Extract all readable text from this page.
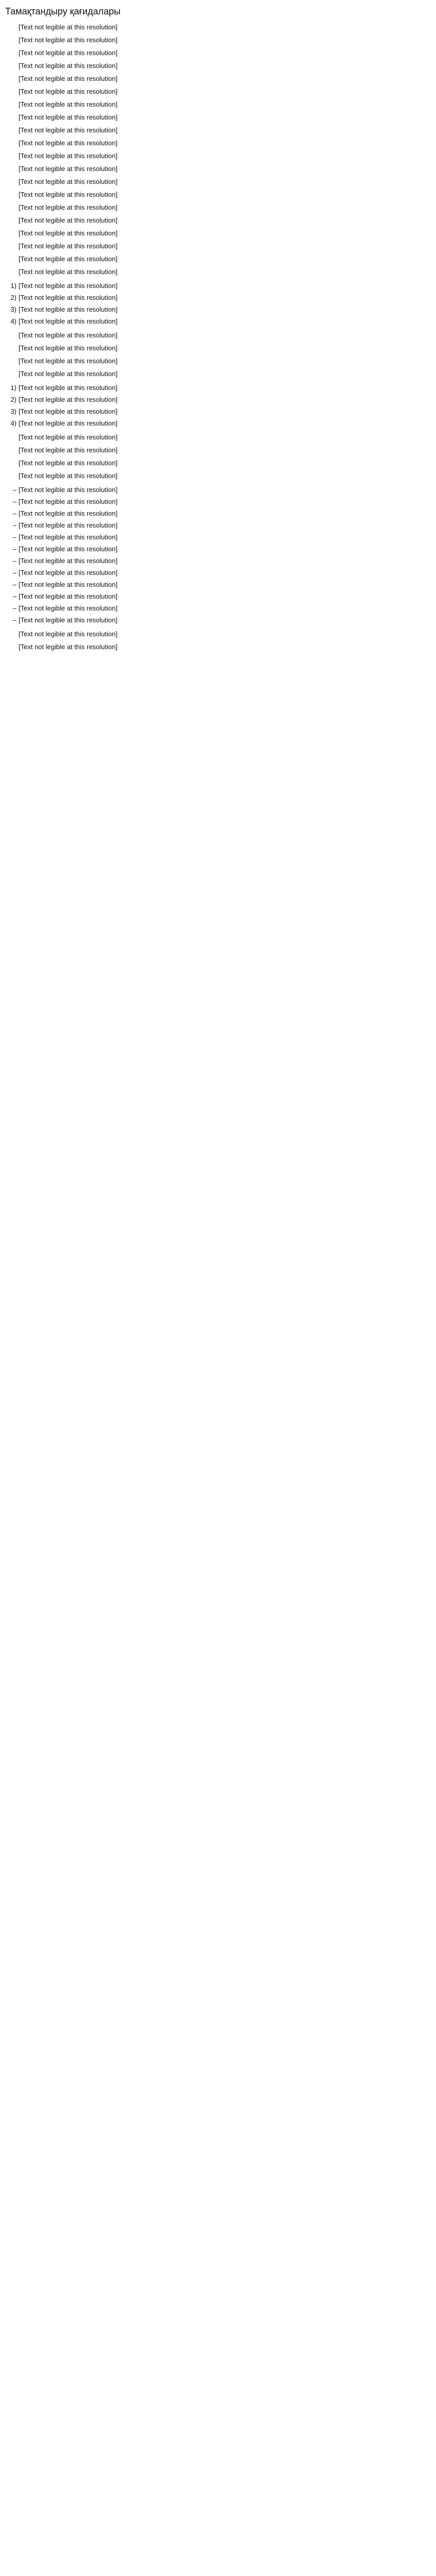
Тамақтандыру қағидалары

[Text not legible at this resolution]

[Text not legible at this resolution]

[Text not legible at this resolution]

[Text not legible at this resolution]

[Text not legible at this resolution]

[Text not legible at this resolution]

[Text not legible at this resolution]

[Text not legible at this resolution]

[Text not legible at this resolution]

[Text not legible at this resolution]

[Text not legible at this resolution]

[Text not legible at this resolution]

[Text not legible at this resolution]

[Text not legible at this resolution]

[Text not legible at this resolution]

[Text not legible at this resolution]

[Text not legible at this resolution]

[Text not legible at this resolution]

[Text not legible at this resolution]

[Text not legible at this resolution]

1) [Text not legible at this resolution]
2) [Text not legible at this resolution]
3) [Text not legible at this resolution]
4) [Text not legible at this resolution]

[Text not legible at this resolution]

[Text not legible at this resolution]

[Text not legible at this resolution]

[Text not legible at this resolution]

1) [Text not legible at this resolution]
2) [Text not legible at this resolution]
3) [Text not legible at this resolution]
4) [Text not legible at this resolution]

[Text not legible at this resolution]

[Text not legible at this resolution]

[Text not legible at this resolution]

[Text not legible at this resolution]

– [Text not legible at this resolution]
– [Text not legible at this resolution]
– [Text not legible at this resolution]
– [Text not legible at this resolution]
– [Text not legible at this resolution]
– [Text not legible at this resolution]
– [Text not legible at this resolution]
– [Text not legible at this resolution]
– [Text not legible at this resolution]
– [Text not legible at this resolution]
– [Text not legible at this resolution]
– [Text not legible at this resolution]

[Text not legible at this resolution]

[Text not legible at this resolution]
